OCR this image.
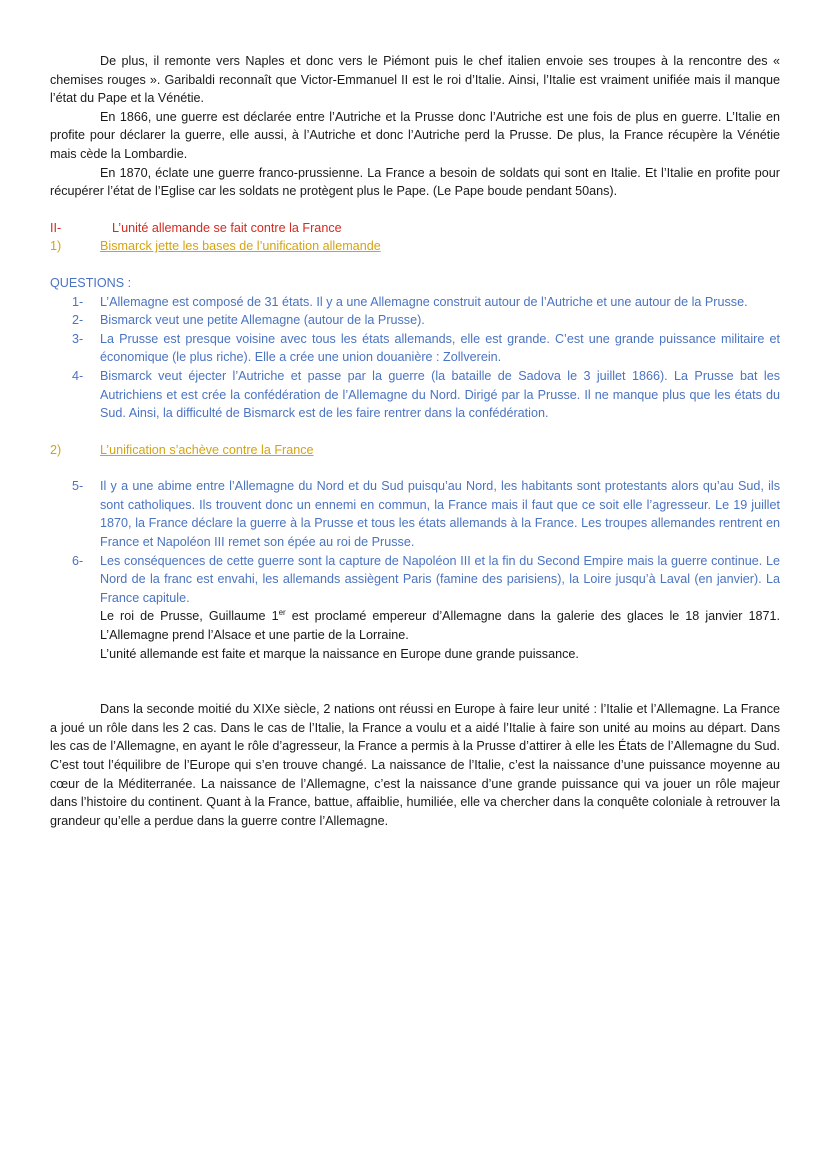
De plus, il remonte vers Naples et donc vers le Piémont puis le chef italien envoie ses troupes à la rencontre des « chemises rouges ». Garibaldi reconnaît que Victor-Emmanuel II est le roi d’Italie. Ainsi, l’Italie est vraiment unifiée mais il manque l’état du Pape et la Vénétie.

En 1866, une guerre est déclarée entre l’Autriche et la Prusse donc l’Autriche est une fois de plus en guerre. L’Italie en profite pour déclarer la guerre, elle aussi, à l’Autriche et donc l’Autriche perd la Prusse. De plus, la France récupère la Vénétie mais cède la Lombardie.

En 1870, éclate une guerre franco-prussienne. La France a besoin de soldats qui sont en Italie. Et l’Italie en profite pour récupérer l’état de l’Eglise car les soldats ne protègent plus le Pape. (Le Pape boude pendant 50ans).

II-	L’unité allemande se fait contre la France
1)	Bismarck jette les bases de l’unification allemande
QUESTIONS :
1-	L’Allemagne est composé de 31 états. Il y a une Allemagne construit autour de l’Autriche et une autour de la Prusse.
2-	Bismarck veut une petite Allemagne (autour de la Prusse).
3-	La Prusse est presque voisine avec tous les états allemands, elle est grande. C’est une grande puissance militaire et économique (le plus riche). Elle a crée une union douanière : Zollverein.
4-	Bismarck veut éjecter l’Autriche et passe par la guerre (la bataille de Sadova le 3 juillet 1866). La Prusse bat les Autrichiens et est crée la confédération de l’Allemagne du Nord. Dirigé par la Prusse. Il ne manque plus que les états du Sud. Ainsi, la difficulté de Bismarck est de les faire rentrer dans la confédération.
2)	L’unification s’achève contre la France
5-	Il y a une abime entre l’Allemagne du Nord et du Sud puisqu’au Nord, les habitants sont protestants alors qu’au Sud, ils sont catholiques. Ils trouvent donc un ennemi en commun, la France mais il faut que ce soit elle l’agresseur. Le 19 juillet 1870, la France déclare la guerre à la Prusse et tous les états allemands à la France. Les troupes allemandes rentrent en France et Napoléon III remet son épée au roi de Prusse.
6-	Les conséquences de cette guerre sont la capture de Napoléon III et la fin du Second Empire mais la guerre continue. Le Nord de la franc est envahi, les allemands assiègent Paris (famine des parisiens), la Loire jusqu’à Laval (en janvier). La France capitule.

Le roi de Prusse, Guillaume 1er est proclamé empereur d’Allemagne dans la galerie des glaces le 18 janvier 1871. L’Allemagne prend l’Alsace et une partie de la Lorraine.

L’unité allemande est faite et marque la naissance en Europe dune grande puissance.

Dans la seconde moitié du XIXe siècle, 2 nations ont réussi en Europe à faire leur unité : l’Italie et l’Allemagne. La France a joué un rôle dans les 2 cas. Dans le cas de l’Italie, la France a voulu et a aidé l’Italie à faire son unité au moins au départ. Dans les cas de l’Allemagne, en ayant le rôle d’agresseur, la France a permis à la Prusse d’attirer à elle les États de l’Allemagne du Sud. C’est tout l’équilibre de l’Europe qui s’en trouve changé. La naissance de l’Italie, c’est la naissance d’une puissance moyenne au cœur de la Méditerranée. La naissance de l’Allemagne, c’est la naissance d’une grande puissance qui va jouer un rôle majeur dans l’histoire du continent. Quant à la France, battue, affaiblie, humiliée, elle va chercher dans la conquête coloniale à retrouver la grandeur qu’elle a perdue dans la guerre contre l’Allemagne.
